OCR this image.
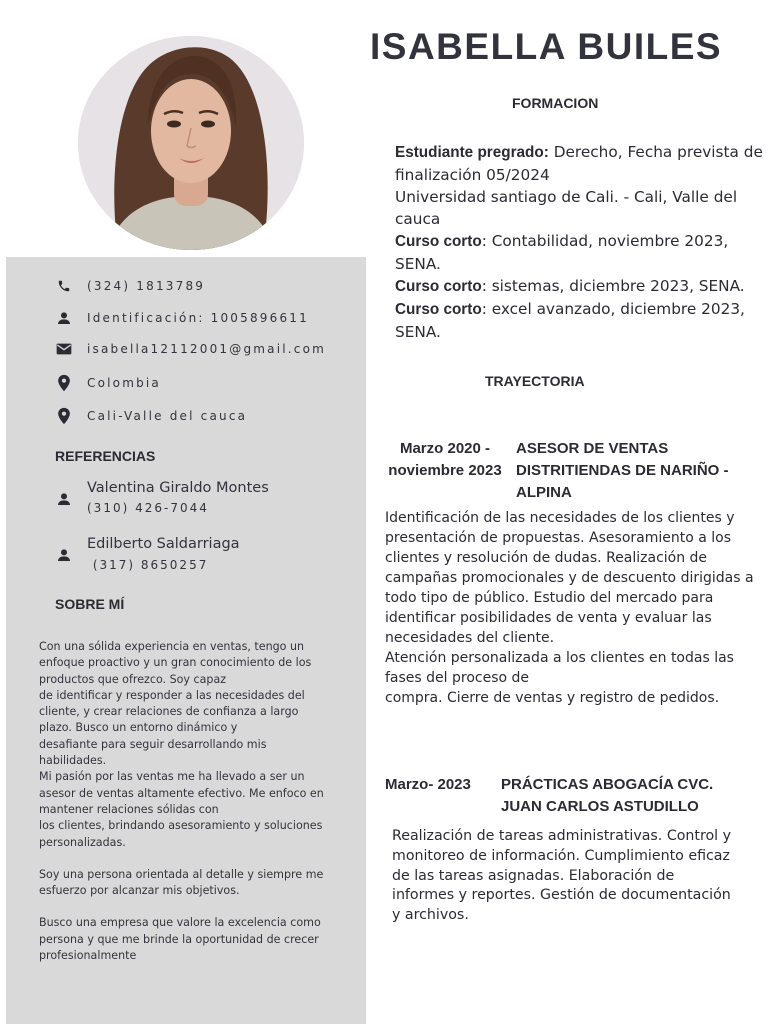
ISABELLA BUILES
(324) 1813789
Identificación: 1005896611
isabella12112001@gmail.com
Colombia
Cali-Valle del cauca
REFERENCIAS
Valentina Giraldo Montes
(310) 426-7044
Edilberto Saldarriaga
(317) 8650257
SOBRE MÍ
Con una sólida experiencia en ventas, tengo un
enfoque proactivo y un gran conocimiento de los
productos que ofrezco. Soy capaz
de identificar y responder a las necesidades del
cliente, y crear relaciones de confianza a largo
plazo. Busco un entorno dinámico y
desafiante para seguir desarrollando mis
habilidades.
Mi pasión por las ventas me ha llevado a ser un
asesor de ventas altamente efectivo. Me enfoco en
mantener relaciones sólidas con
los clientes, brindando asesoramiento y soluciones
personalizadas.
Soy una persona orientada al detalle y siempre me
esfuerzo por alcanzar mis objetivos.
Busco una empresa que valore la excelencia como
persona y que me brinde la oportunidad de crecer
profesionalmente
FORMACION
Estudiante pregrado: Derecho, Fecha prevista de finalización 05/2024
Universidad santiago de Cali. - Cali, Valle del cauca
Curso corto: Contabilidad, noviembre 2023, SENA.
Curso corto: sistemas, diciembre 2023, SENA.
Curso corto: excel avanzado, diciembre 2023, SENA.
TRAYECTORIA
Marzo 2020 -
noviembre 2023
ASESOR DE VENTAS
DISTRITIENDAS DE NARIÑO -
ALPINA
Identificación de las necesidades de los clientes y
presentación de propuestas. Asesoramiento a los
clientes y resolución de dudas. Realización de
campañas promocionales y de descuento dirigidas a
todo tipo de público. Estudio del mercado para
identificar posibilidades de venta y evaluar las
necesidades del cliente.
Atención personalizada a los clientes en todas las
fases del proceso de
compra. Cierre de ventas y registro de pedidos.
Marzo- 2023	PRÁCTICAS ABOGACÍA CVC.
JUAN CARLOS ASTUDILLO
Realización de tareas administrativas. Control y
monitoreo de información. Cumplimiento eficaz
de las tareas asignadas. Elaboración de
informes y reportes. Gestión de documentación
y archivos.
